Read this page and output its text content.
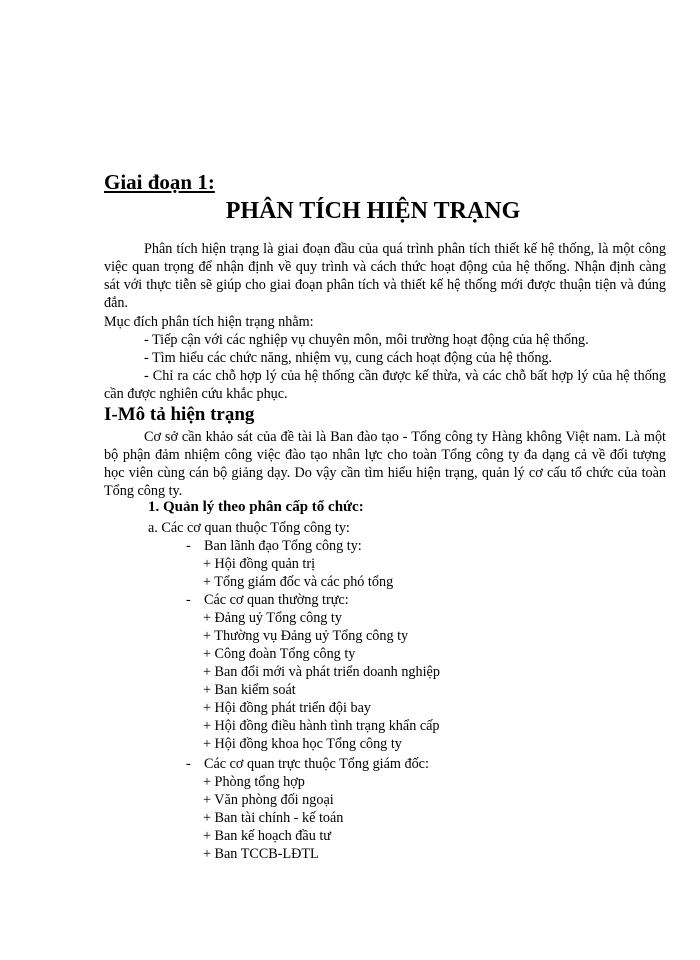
Giai đoạn 1:
PHÂN TÍCH HIỆN TRẠNG

Phân tích hiện trạng là giai đoạn đầu của quá trình phân tích thiết kế hệ thống, là một công việc quan trọng để nhận định về quy trình và cách thức hoạt động của hệ thống. Nhận định càng sát với thực tiễn sẽ giúp cho giai đoạn phân tích và thiết kế hệ thống mới được thuận tiện và đúng đắn.

Mục đích phân tích hiện trạng nhằm:

- Tiếp cận với các nghiệp vụ chuyên môn, môi trường hoạt động của hệ thống.

- Tìm hiểu các chức năng, nhiệm vụ, cung cách hoạt động của hệ thống.

- Chỉ ra các chỗ hợp lý của hệ thống cần được kế thừa, và các chỗ bất hợp lý của hệ thống cần được nghiên cứu khắc phục.

I-Mô tả hiện trạng

Cơ sở cần khảo sát của đề tài là Ban đào tạo - Tổng công ty Hàng không Việt nam. Là một bộ phận đảm nhiệm công việc đào tạo nhân lực cho toàn Tổng công ty đa dạng cả về đối tượng học viên cùng cán bộ giảng dạy. Do vậy cần tìm hiểu hiện trạng, quản lý cơ cấu tổ chức của toàn Tổng công ty.

1. Quản lý theo phân cấp tổ chức:

a. Các cơ quan thuộc Tổng công ty:

- Ban lãnh đạo Tổng công ty:

+ Hội đồng quản trị

+ Tổng giám đốc và các phó tổng

- Các cơ quan thường trực:

+ Đảng uỷ Tổng công ty

+ Thường vụ Đảng uỷ Tổng công ty

+ Công đoàn Tổng công ty

+ Ban đổi mới và phát triển doanh nghiệp

+ Ban kiểm soát

+ Hội đồng phát triển đội bay

+ Hội đồng điều hành tình trạng khẩn cấp

+ Hội đồng khoa học Tổng công ty

- Các cơ quan trực thuộc Tổng giám đốc:

+ Phòng tổng hợp

+ Văn phòng đối ngoại

+ Ban tài chính - kế toán

+ Ban kế hoạch đầu tư

+ Ban TCCB-LĐTL
